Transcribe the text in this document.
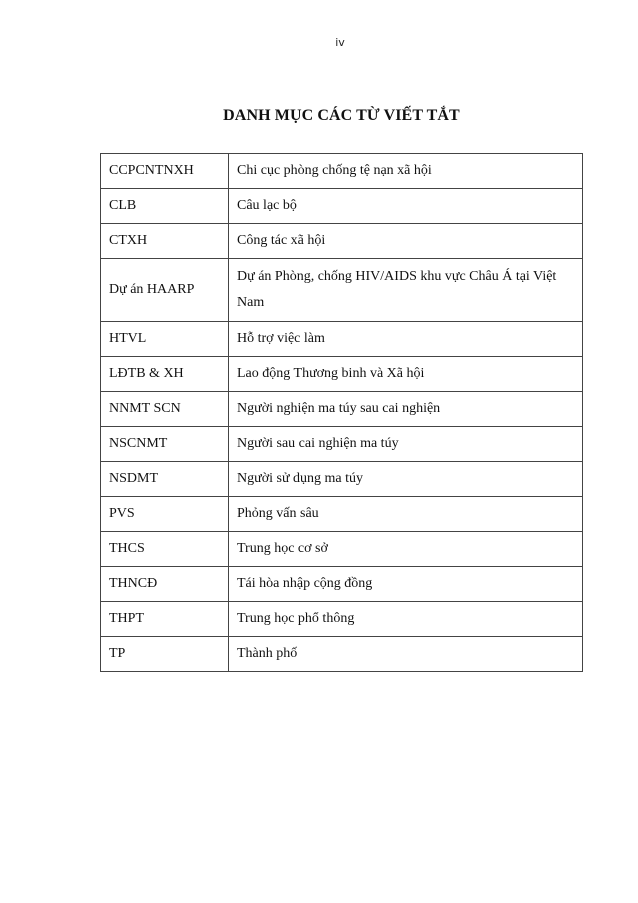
iv
DANH MỤC CÁC TỪ VIẾT TẮT
CCPCNTNXH	Chi cục phòng chống tệ nạn xã hội
CLB	Câu lạc bộ
CTXH	Công tác xã hội
Dự án HAARP	Dự án Phòng, chống HIV/AIDS khu vực Châu Á tại Việt Nam
HTVL	Hỗ trợ việc làm
LĐTB & XH	Lao động Thương binh và Xã hội
NNMT SCN	Người nghiện ma túy sau cai nghiện
NSCNMT	Người sau cai nghiện ma túy
NSDMT	Người sử dụng ma túy
PVS	Phỏng vấn sâu
THCS	Trung học cơ sở
THNCĐ	Tái hòa nhập cộng đồng
THPT	Trung học phổ thông
TP	Thành phố
